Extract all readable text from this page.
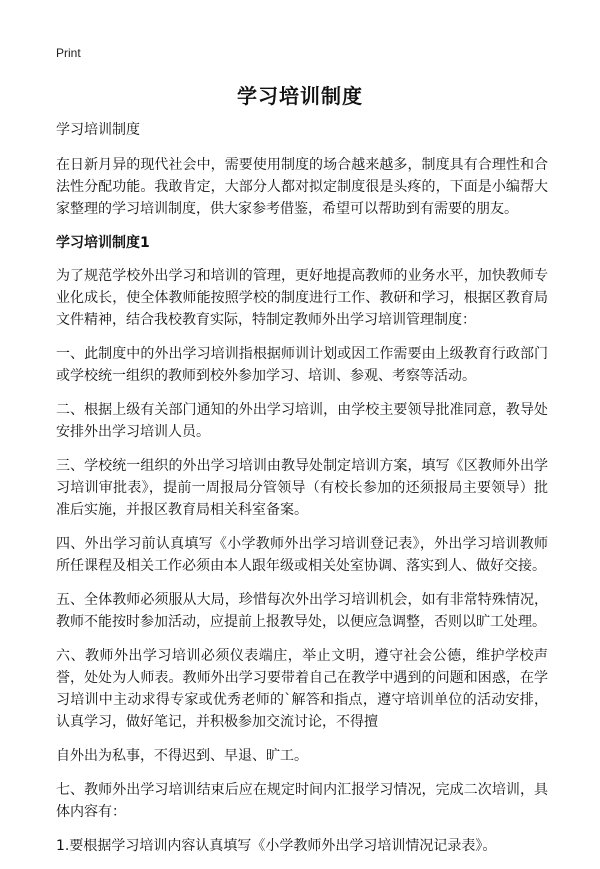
Print
学习培训制度

学习培训制度

在日新月异的现代社会中，需要使用制度的场合越来越多，制度具有合理性和合法性分配功能。我敢肯定，大部分人都对拟定制度很是头疼的，下面是小编帮大家整理的学习培训制度，供大家参考借鉴，希望可以帮助到有需要的朋友。

学习培训制度1

为了规范学校外出学习和培训的管理，更好地提高教师的业务水平，加快教师专业化成长，使全体教师能按照学校的制度进行工作、教研和学习，根据区教育局文件精神，结合我校教育实际，特制定教师外出学习培训管理制度：

一、此制度中的外出学习培训指根据师训计划或因工作需要由上级教育行政部门或学校统一组织的教师到校外参加学习、培训、参观、考察等活动。

二、根据上级有关部门通知的外出学习培训，由学校主要领导批准同意，教导处安排外出学习培训人员。

三、学校统一组织的外出学习培训由教导处制定培训方案，填写《区教师外出学习培训审批表》，提前一周报局分管领导（有校长参加的还须报局主要领导）批准后实施，并报区教育局相关科室备案。

四、外出学习前认真填写《小学教师外出学习培训登记表》，外出学习培训教师所任课程及相关工作必须由本人跟年级或相关处室协调、落实到人、做好交接。

五、全体教师必须服从大局，珍惜每次外出学习培训机会，如有非常特殊情况，教师不能按时参加活动，应提前上报教导处，以便应急调整，否则以旷工处理。

六、教师外出学习培训必须仪表端庄，举止文明，遵守社会公德，维护学校声誉，处处为人师表。教师外出学习要带着自己在教学中遇到的问题和困惑，在学习培训中主动求得专家或优秀老师的`解答和指点，遵守培训单位的活动安排，认真学习，做好笔记，并积极参加交流讨论，不得擅

自外出为私事，不得迟到、早退、旷工。

七、教师外出学习培训结束后应在规定时间内汇报学习情况，完成二次培训，具体内容有：

1.要根据学习培训内容认真填写《小学教师外出学习培训情况记录表》。
